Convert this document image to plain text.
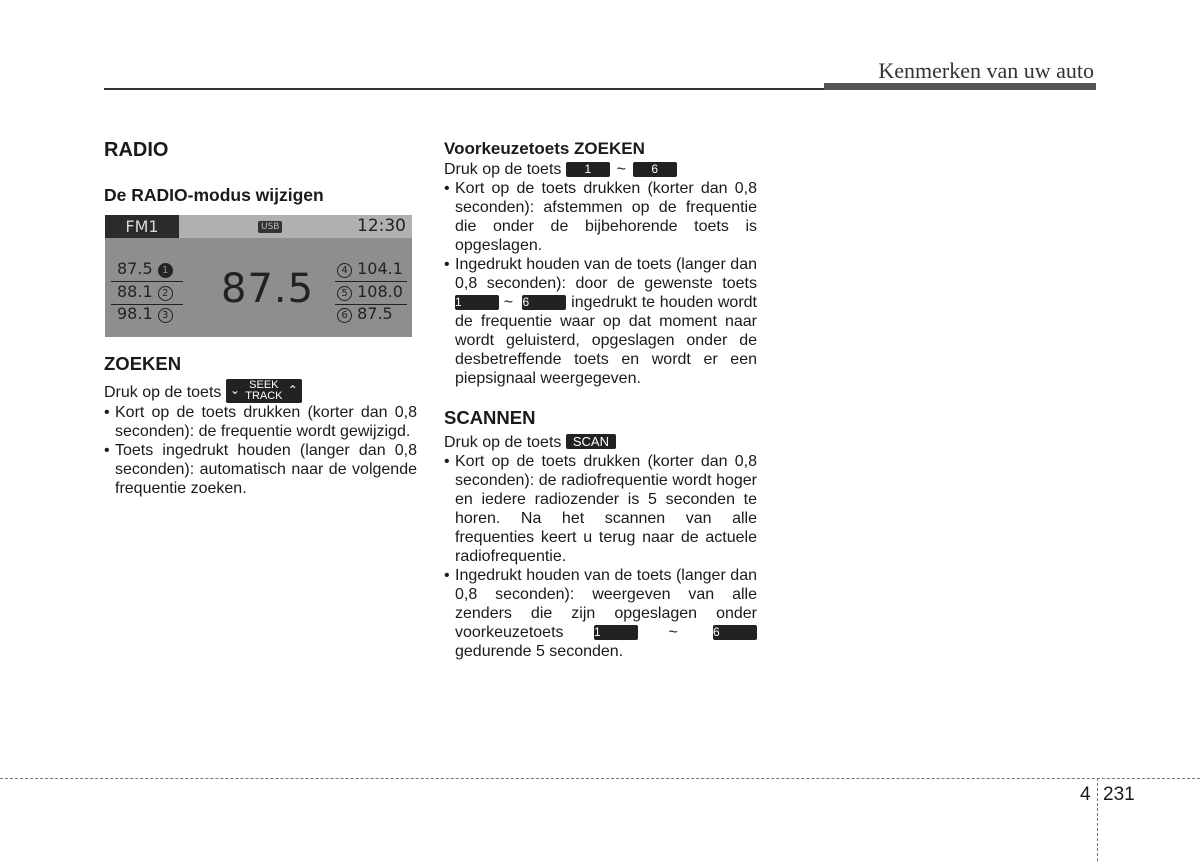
Kenmerken van uw auto
RADIO
De RADIO-modus wijzigen
FM1	USB	12:30
87.5 1
88.1 2
98.1 3
87.5	4 104.1
5 108.0
6 87.5
ZOEKEN

Druk op de toets ⌄ SEEK
TRACK ⌃

• Kort op de toets drukken (korter dan 0,8 seconden): de frequentie wordt gewijzigd.
• Toets ingedrukt houden (langer dan 0,8 seconden): automatisch naar de volgende frequentie zoeken.
Voorkeuzetoets ZOEKEN

Druk op de toets 1 ~ 6

• Kort op de toets drukken (korter dan 0,8 seconden): afstemmen op de frequentie die onder de bijbehorende toets is opgeslagen.
• Ingedrukt houden van de toets (langer dan 0,8 seconden): door de gewenste toets 1	~ 6	ingedrukt te houden wordt de frequentie waar op dat moment naar wordt geluisterd, opgeslagen onder de desbetreffende toets en wordt er een piepsignaal weergegeven.
SCANNEN

Druk op de toets SCAN

• Kort op de toets drukken (korter dan 0,8 seconden): de radiofrequentie wordt hoger en iedere radiozender is 5 seconden te horen. Na het scannen van alle frequenties keert u terug naar de actuele radiofrequentie.
• Ingedrukt houden van de toets (langer dan 0,8 seconden): weergeven van alle zenders die zijn opgeslagen onder voorkeuzetoets	1	~	6 gedurende 5 seconden.
4 231
